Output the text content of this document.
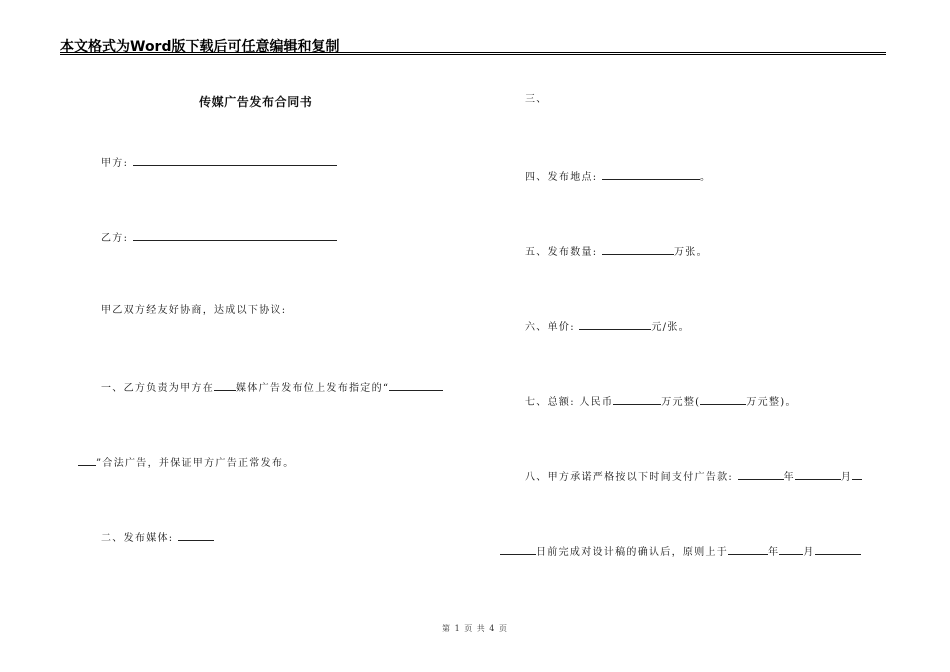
本文格式为Word版下载后可任意编辑和复制
传媒广告发布合同书
甲方:
乙方:
甲乙双方经友好协商，达成以下协议:
一、乙方负责为甲方在 媒体广告发布位上发布指定的“
”合法广告，并保证甲方广告正常发布。
二、发布媒体:
三、
四、发布地点:	。
五、发布数量:	万张。
六、单价:	元/张。
七、总额: 人民币	万元整(	万元整)。
八、甲方承诺严格按以下时间支付广告款:	年	月
日前完成对设计稿的确认后，原则上于	年 月
第 1 页 共 4 页
